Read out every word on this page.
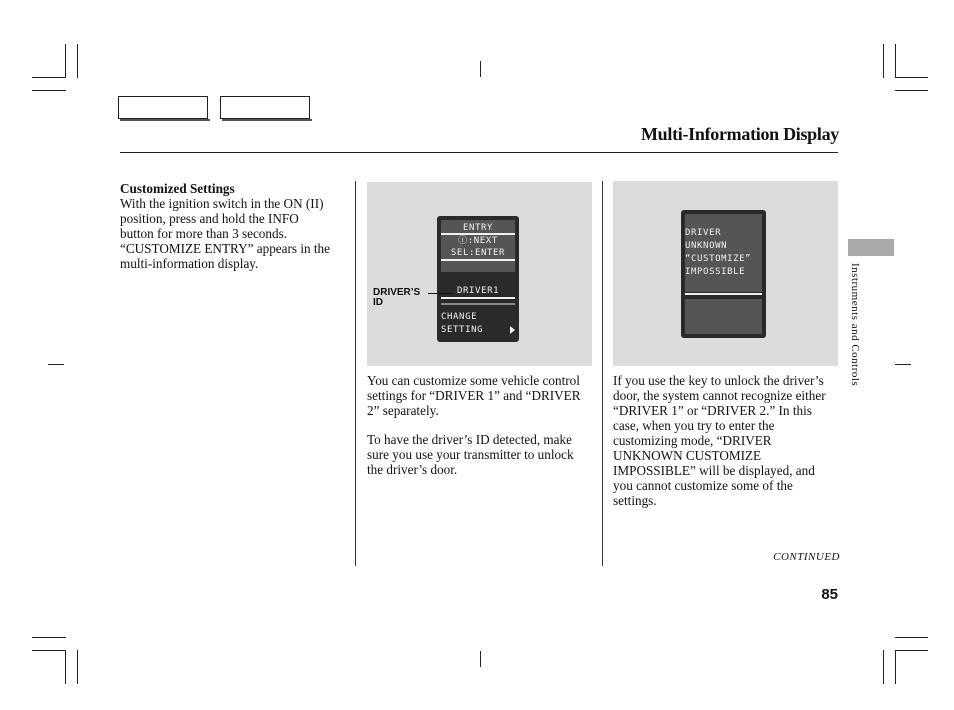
Multi-Information Display
Customized Settings
With the ignition switch in the ON (II) position, press and hold the INFO button for more than 3 seconds. “CUSTOMIZE ENTRY” appears in the multi-information display.
ENTRY
ⓘ:NEXT
SEL:ENTER
DRIVER1
CHANGE
SETTING
DRIVER’S ID
DRIVER
UNKNOWN
“CUSTOMIZE”
IMPOSSIBLE

You can customize some vehicle control settings for “DRIVER 1” and “DRIVER 2” separately.

To have the driver’s ID detected, make sure you use your transmitter to unlock the driver’s door.

If you use the key to unlock the driver’s door, the system cannot recognize either “DRIVER 1” or “DRIVER 2.” In this case, when you try to enter the customizing mode, “DRIVER UNKNOWN CUSTOMIZE IMPOSSIBLE” will be displayed, and you cannot customize some of the settings.

Instruments and Controls
CONTINUED
85
